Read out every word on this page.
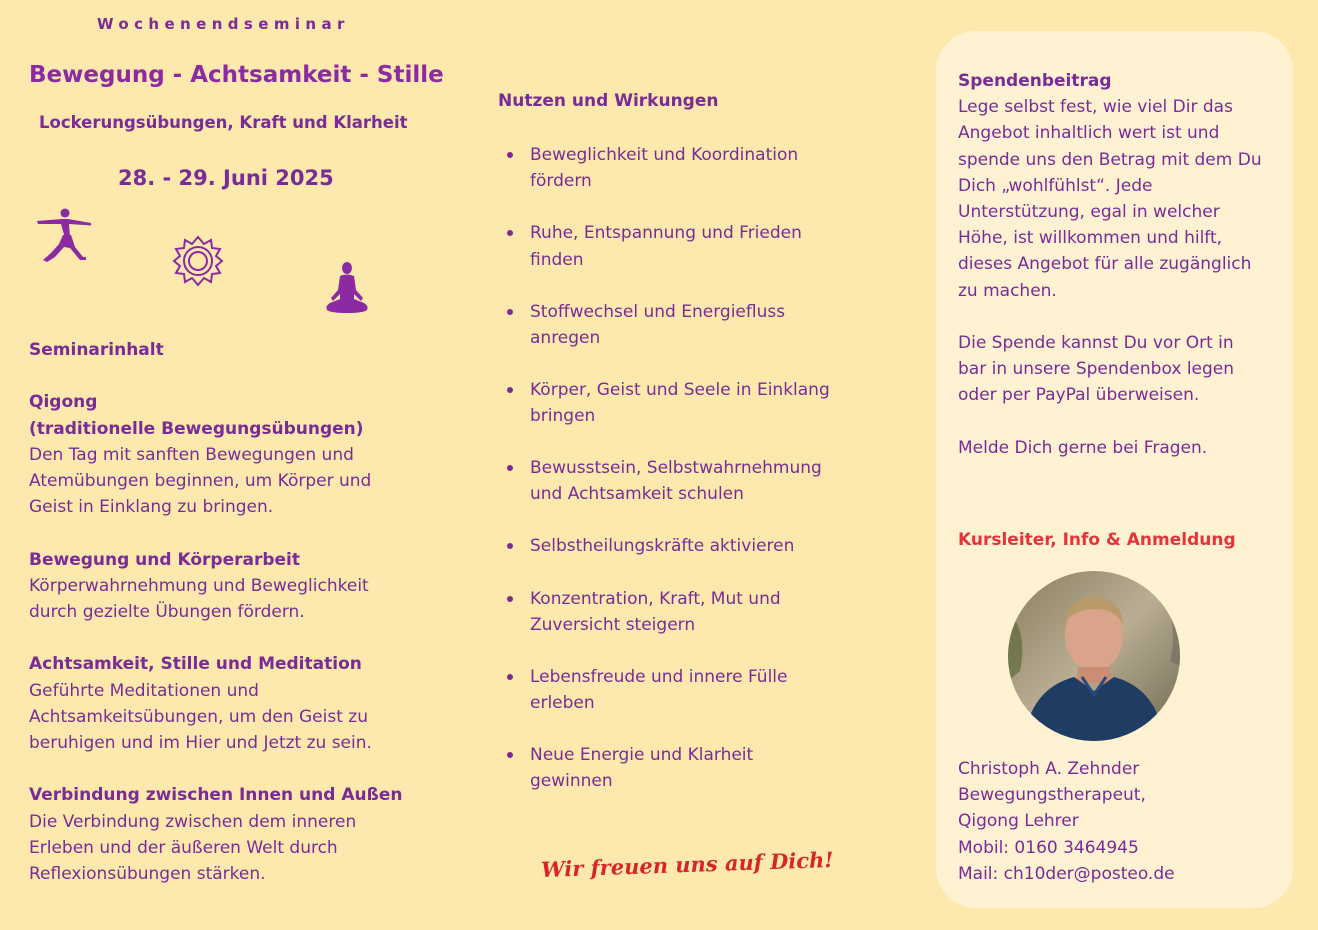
Wochenendseminar
Bewegung - Achtsamkeit - Stille
Lockerungsübungen, Kraft und Klarheit
28. - 29. Juni 2025
Seminarinhalt
Qigong
(traditionelle Bewegungsübungen)
Den Tag mit sanften Bewegungen und
Atemübungen beginnen, um Körper und
Geist in Einklang zu bringen.
Bewegung und Körperarbeit
Körperwahrnehmung und Beweglichkeit
durch gezielte Übungen fördern.
Achtsamkeit, Stille und Meditation
Geführte Meditationen und
Achtsamkeitsübungen, um den Geist zu
beruhigen und im Hier und Jetzt zu sein.
Verbindung zwischen Innen und Außen
Die Verbindung zwischen dem inneren
Erleben und der äußeren Welt durch
Reflexionsübungen stärken.
Nutzen und Wirkungen
Beweglichkeit und Koordination
fördern
Ruhe, Entspannung und Frieden
finden
Stoffwechsel und Energiefluss
anregen
Körper, Geist und Seele in Einklang
bringen
Bewusstsein, Selbstwahrnehmung
und Achtsamkeit schulen
Selbstheilungskräfte aktivieren
Konzentration, Kraft, Mut und
Zuversicht steigern
Lebensfreude und innere Fülle
erleben
Neue Energie und Klarheit
gewinnen
Wir freuen uns auf Dich!
Spendenbeitrag
Lege selbst fest, wie viel Dir das
Angebot inhaltlich wert ist und
spende uns den Betrag mit dem Du
Dich „wohlfühlst“. Jede
Unterstützung, egal in welcher
Höhe, ist willkommen und hilft,
dieses Angebot für alle zugänglich
zu machen.
Die Spende kannst Du vor Ort in
bar in unsere Spendenbox legen
oder per PayPal überweisen.
Melde Dich gerne bei Fragen.
Kursleiter, Info & Anmeldung
Christoph A. Zehnder
Bewegungstherapeut,
Qigong Lehrer
Mobil: 0160 3464945
Mail: ch10der@posteo.de
